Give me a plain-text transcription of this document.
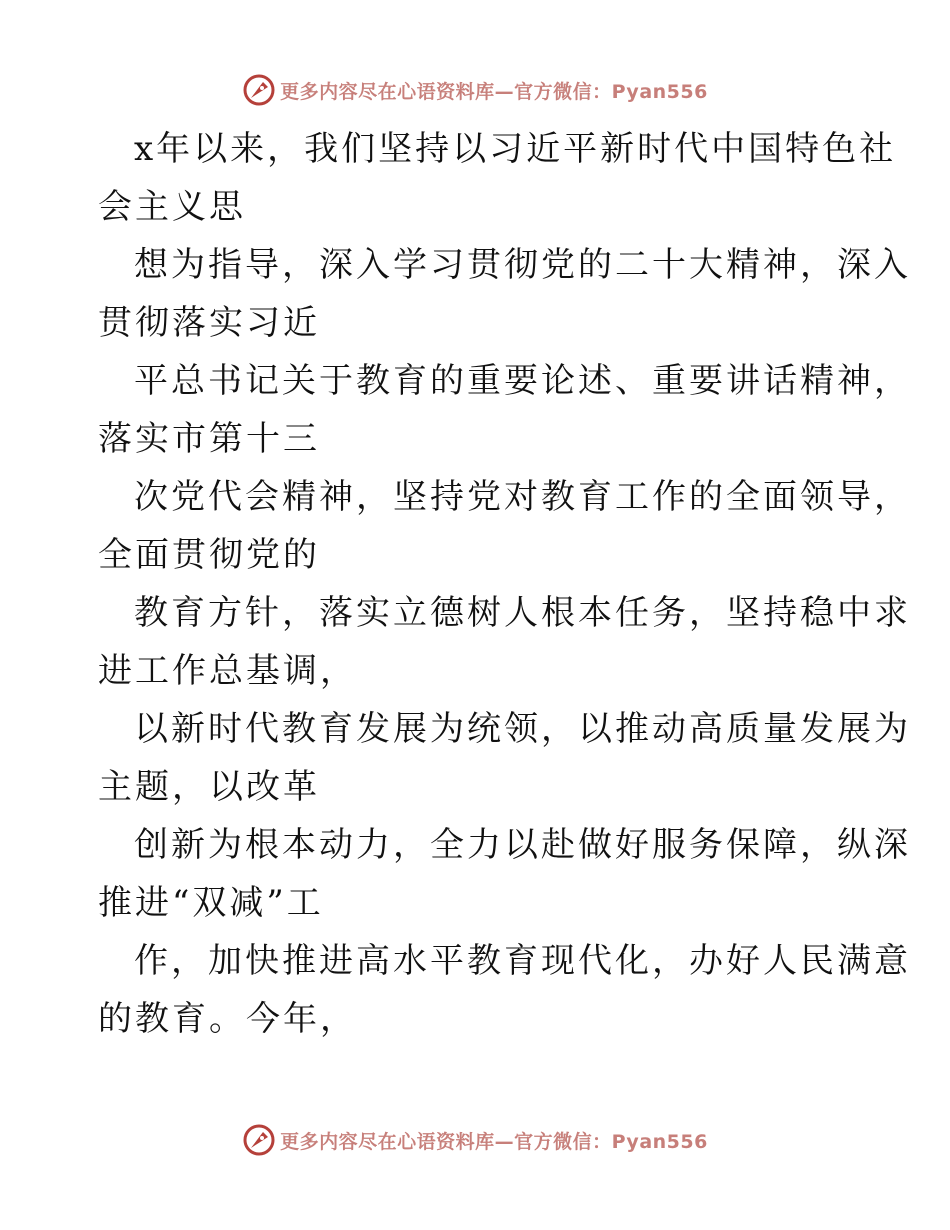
更多内容尽在心语资料库—官方微信：Pyan556
x年以来，我们坚持以习近平新时代中国特色社
会主义思
想为指导，深入学习贯彻党的二十大精神，深入
贯彻落实习近
平总书记关于教育的重要论述、重要讲话精神，
落实市第十三
次党代会精神，坚持党对教育工作的全面领导，
全面贯彻党的
教育方针，落实立德树人根本任务，坚持稳中求
进工作总基调，
以新时代教育发展为统领，以推动高质量发展为
主题，以改革
创新为根本动力，全力以赴做好服务保障，纵深
推进“双减”工
作，加快推进高水平教育现代化，办好人民满意
的教育。今年，
更多内容尽在心语资料库—官方微信：Pyan556
